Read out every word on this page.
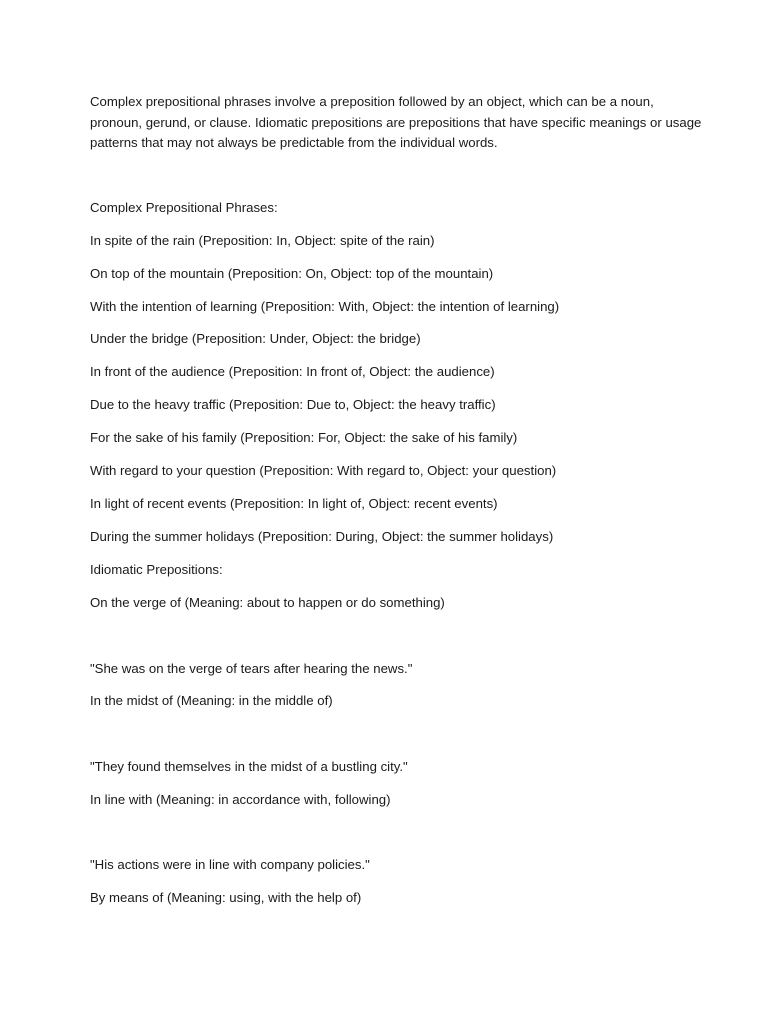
Complex prepositional phrases involve a preposition followed by an object, which can be a noun,
pronoun, gerund, or clause. Idiomatic prepositions are prepositions that have specific meanings or usage
patterns that may not always be predictable from the individual words.

Complex Prepositional Phrases:

In spite of the rain (Preposition: In, Object: spite of the rain)

On top of the mountain (Preposition: On, Object: top of the mountain)

With the intention of learning (Preposition: With, Object: the intention of learning)

Under the bridge (Preposition: Under, Object: the bridge)

In front of the audience (Preposition: In front of, Object: the audience)

Due to the heavy traffic (Preposition: Due to, Object: the heavy traffic)

For the sake of his family (Preposition: For, Object: the sake of his family)

With regard to your question (Preposition: With regard to, Object: your question)

In light of recent events (Preposition: In light of, Object: recent events)

During the summer holidays (Preposition: During, Object: the summer holidays)

Idiomatic Prepositions:

On the verge of (Meaning: about to happen or do something)

"She was on the verge of tears after hearing the news."

In the midst of (Meaning: in the middle of)

"They found themselves in the midst of a bustling city."

In line with (Meaning: in accordance with, following)

"His actions were in line with company policies."

By means of (Meaning: using, with the help of)
